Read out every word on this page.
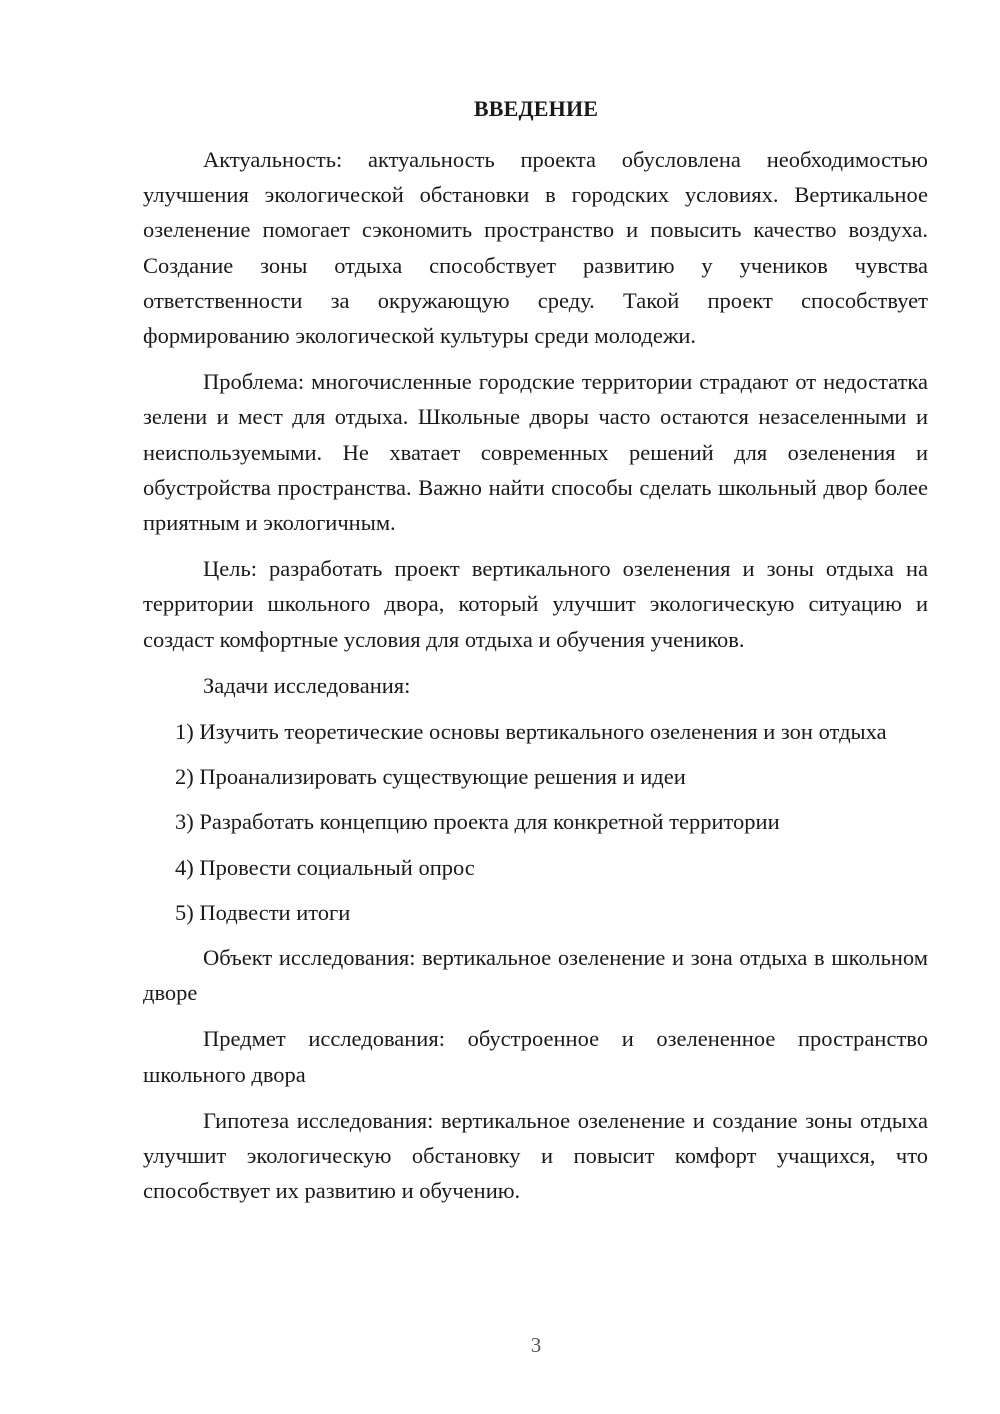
ВВЕДЕНИЕ

Актуальность: актуальность проекта обусловлена необходимостью улучшения экологической обстановки в городских условиях. Вертикальное озеленение помогает сэкономить пространство и повысить качество воздуха. Создание зоны отдыха способствует развитию у учеников чувства ответственности за окружающую среду. Такой проект способствует формированию экологической культуры среди молодежи.

Проблема: многочисленные городские территории страдают от недостатка зелени и мест для отдыха. Школьные дворы часто остаются незаселенными и неиспользуемыми. Не хватает современных решений для озеленения и обустройства пространства. Важно найти способы сделать школьный двор более приятным и экологичным.

Цель: разработать проект вертикального озеленения и зоны отдыха на территории школьного двора, который улучшит экологическую ситуацию и создаст комфортные условия для отдыха и обучения учеников.

Задачи исследования:

1) Изучить теоретические основы вертикального озеленения и зон отдыха

2) Проанализировать существующие решения и идеи

3) Разработать концепцию проекта для конкретной территории

4) Провести социальный опрос

5) Подвести итоги

Объект исследования: вертикальное озеленение и зона отдыха в школьном дворе

Предмет исследования: обустроенное и озелененное пространство школьного двора

Гипотеза исследования: вертикальное озеленение и создание зоны отдыха улучшит экологическую обстановку и повысит комфорт учащихся, что способствует их развитию и обучению.

3
